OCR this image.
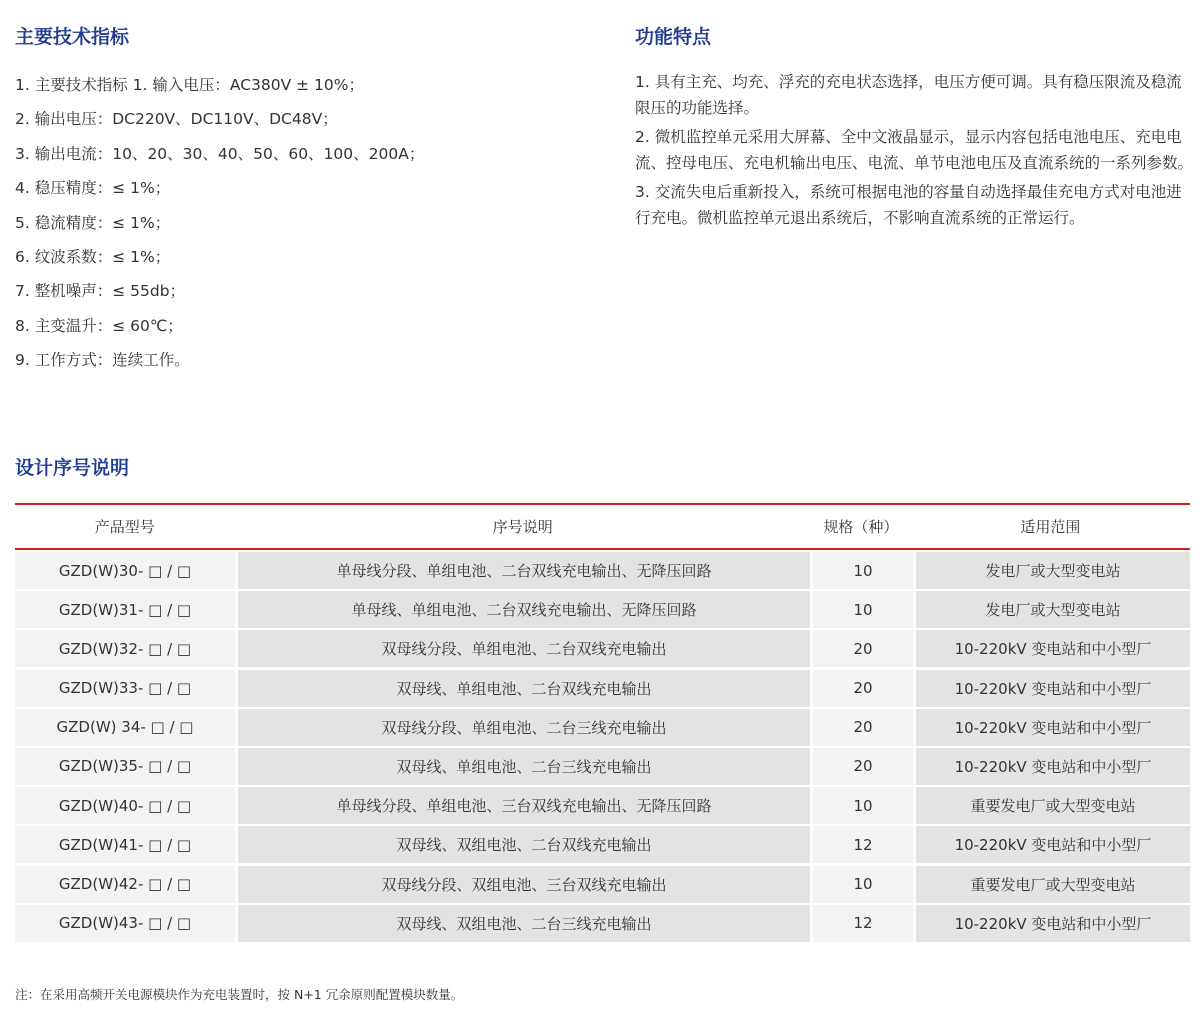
主要技术指标	功能特点
1. 主要技术指标 1. 输入电压：AC380V ± 10%；
2. 输出电压：DC220V、DC110V、DC48V；
3. 输出电流：10、20、30、40、50、60、100、200A；
4. 稳压精度：≤ 1%；
5. 稳流精度：≤ 1%；
6. 纹波系数：≤ 1%；
7. 整机噪声：≤ 55db；
8. 主变温升：≤ 60℃；
9. 工作方式：连续工作。
1. 具有主充、均充、浮充的充电状态选择，电压方便可调。具有稳压限流及稳流限压的功能选择。
2. 微机监控单元采用大屏幕、全中文液晶显示，显示内容包括电池电压、充电电流、控母电压、充电机输出电压、电流、单节电池电压及直流系统的一系列参数。
3. 交流失电后重新投入，系统可根据电池的容量自动选择最佳充电方式对电池进行充电。微机监控单元退出系统后，不影响直流系统的正常运行。
设计序号说明
产品型号	序号说明	规格（种）	适用范围
GZD(W)30- □ / □	单母线分段、单组电池、二台双线充电输出、无降压回路	10	发电厂或大型变电站
GZD(W)31- □ / □	单母线、单组电池、二台双线充电输出、无降压回路	10	发电厂或大型变电站
GZD(W)32- □ / □	双母线分段、单组电池、二台双线充电输出	20	10-220kV 变电站和中小型厂
GZD(W)33- □ / □	双母线、单组电池、二台双线充电输出	20	10-220kV 变电站和中小型厂
GZD(W) 34- □ / □	双母线分段、单组电池、二台三线充电输出	20	10-220kV 变电站和中小型厂
GZD(W)35- □ / □	双母线、单组电池、二台三线充电输出	20	10-220kV 变电站和中小型厂
GZD(W)40- □ / □	单母线分段、单组电池、三台双线充电输出、无降压回路	10	重要发电厂或大型变电站
GZD(W)41- □ / □	双母线、双组电池、二台双线充电输出	12	10-220kV 变电站和中小型厂
GZD(W)42- □ / □	双母线分段、双组电池、三台双线充电输出	10	重要发电厂或大型变电站
GZD(W)43- □ / □	双母线、双组电池、二台三线充电输出	12	10-220kV 变电站和中小型厂

注：在采用高频开关电源模块作为充电装置时，按 N+1 冗余原则配置模块数量。
